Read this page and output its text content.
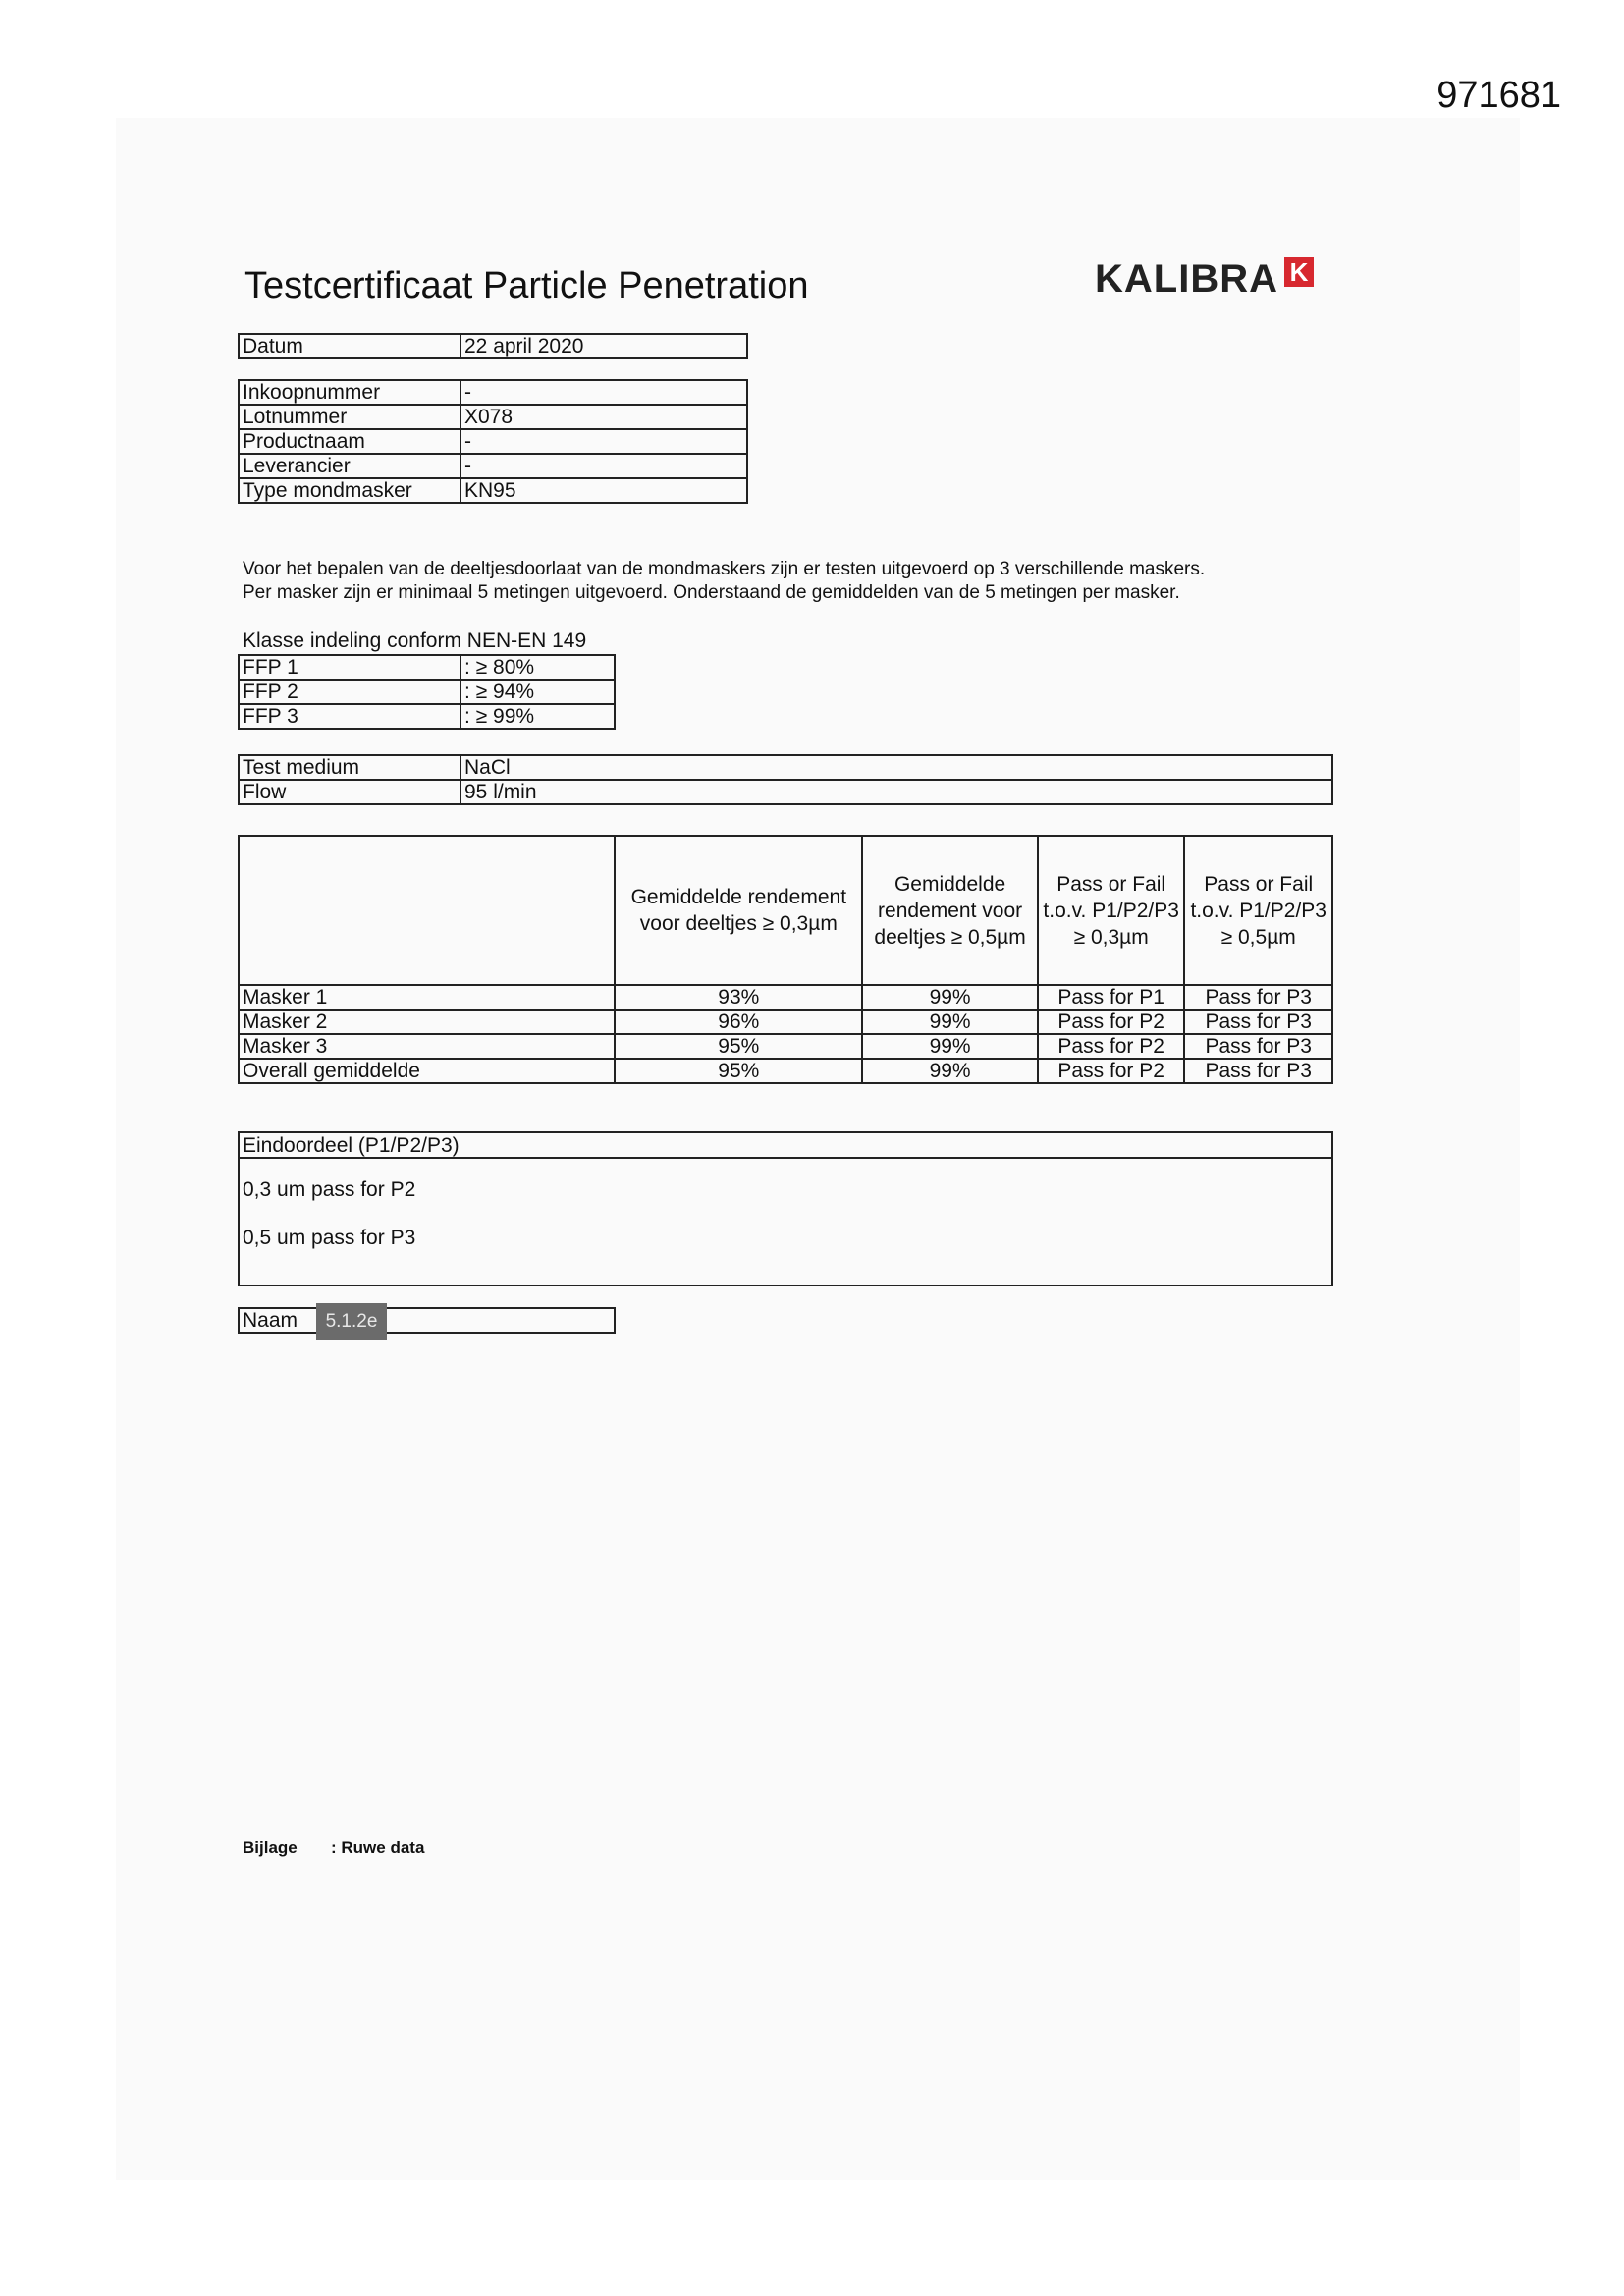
971681
Testcertificaat Particle Penetration	KALIBRA K
Datum	22 april 2020
Inkoopnummer	-
Lotnummer	X078
Productnaam	-
Leverancier	-
Type mondmasker	KN95
Voor het bepalen van de deeltjesdoorlaat van de mondmaskers zijn er testen uitgevoerd op 3 verschillende maskers.
Per masker zijn er minimaal 5 metingen uitgevoerd. Onderstaand de gemiddelden van de 5 metingen per masker.
Klasse indeling conform NEN-EN 149
FFP 1	: ≥ 80%
FFP 2	: ≥ 94%
FFP 3	: ≥ 99%
Test medium	NaCl
Flow	95 l/min
	Gemiddelde rendement voor deeltjes ≥ 0,3µm	Gemiddelde rendement voor deeltjes ≥ 0,5µm	Pass or Fail t.o.v. P1/P2/P3 ≥ 0,3µm	Pass or Fail t.o.v. P1/P2/P3 ≥ 0,5µm
Masker 1	93%	99%	Pass for P1	Pass for P3
Masker 2	96%	99%	Pass for P2	Pass for P3
Masker 3	95%	99%	Pass for P2	Pass for P3
Overall gemiddelde	95%	99%	Pass for P2	Pass for P3
Eindoordeel (P1/P2/P3)

0,3 um pass for P2
0,5 um pass for P3
Naam	5.1.2e
Bijlage : Ruwe data
